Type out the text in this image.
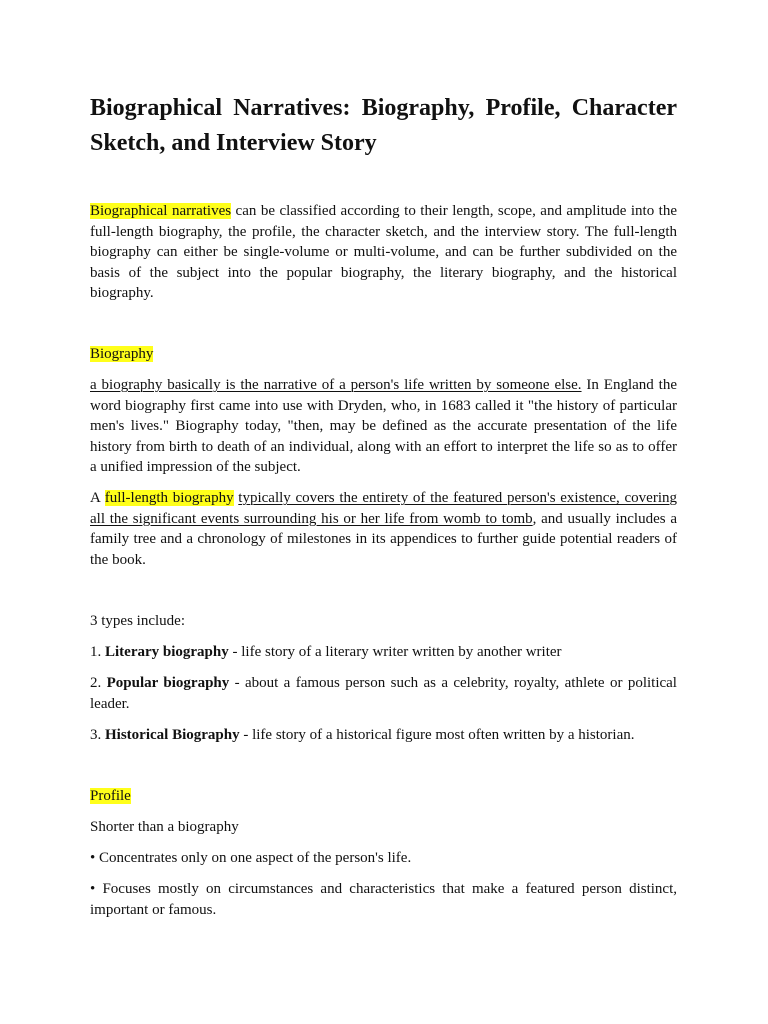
Biographical Narratives: Biography, Profile, Character Sketch, and Interview Story

Biographical narratives can be classified according to their length, scope, and amplitude into the full-length biography, the profile, the character sketch, and the interview story. The full-length biography can either be single-volume or multi-volume, and can be further subdivided on the basis of the subject into the popular biography, the literary biography, and the historical biography.

Biography

a biography basically is the narrative of a person's life written by someone else. In England the word biography first came into use with Dryden, who, in 1683 called it "the history of particular men's lives." Biography today, "then, may be defined as the accurate presentation of the life history from birth to death of an individual, along with an effort to interpret the life so as to offer a unified impression of the subject.

A full-length biography typically covers the entirety of the featured person's existence, covering all the significant events surrounding his or her life from womb to tomb, and usually includes a family tree and a chronology of milestones in its appendices to further guide potential readers of the book.

3 types include:

1. Literary biography - life story of a literary writer written by another writer

2. Popular biography - about a famous person such as a celebrity, royalty, athlete or political leader.

3. Historical Biography - life story of a historical figure most often written by a historian.

Profile

Shorter than a biography

• Concentrates only on one aspect of the person's life.

• Focuses mostly on circumstances and characteristics that make a featured person distinct, important or famous.
